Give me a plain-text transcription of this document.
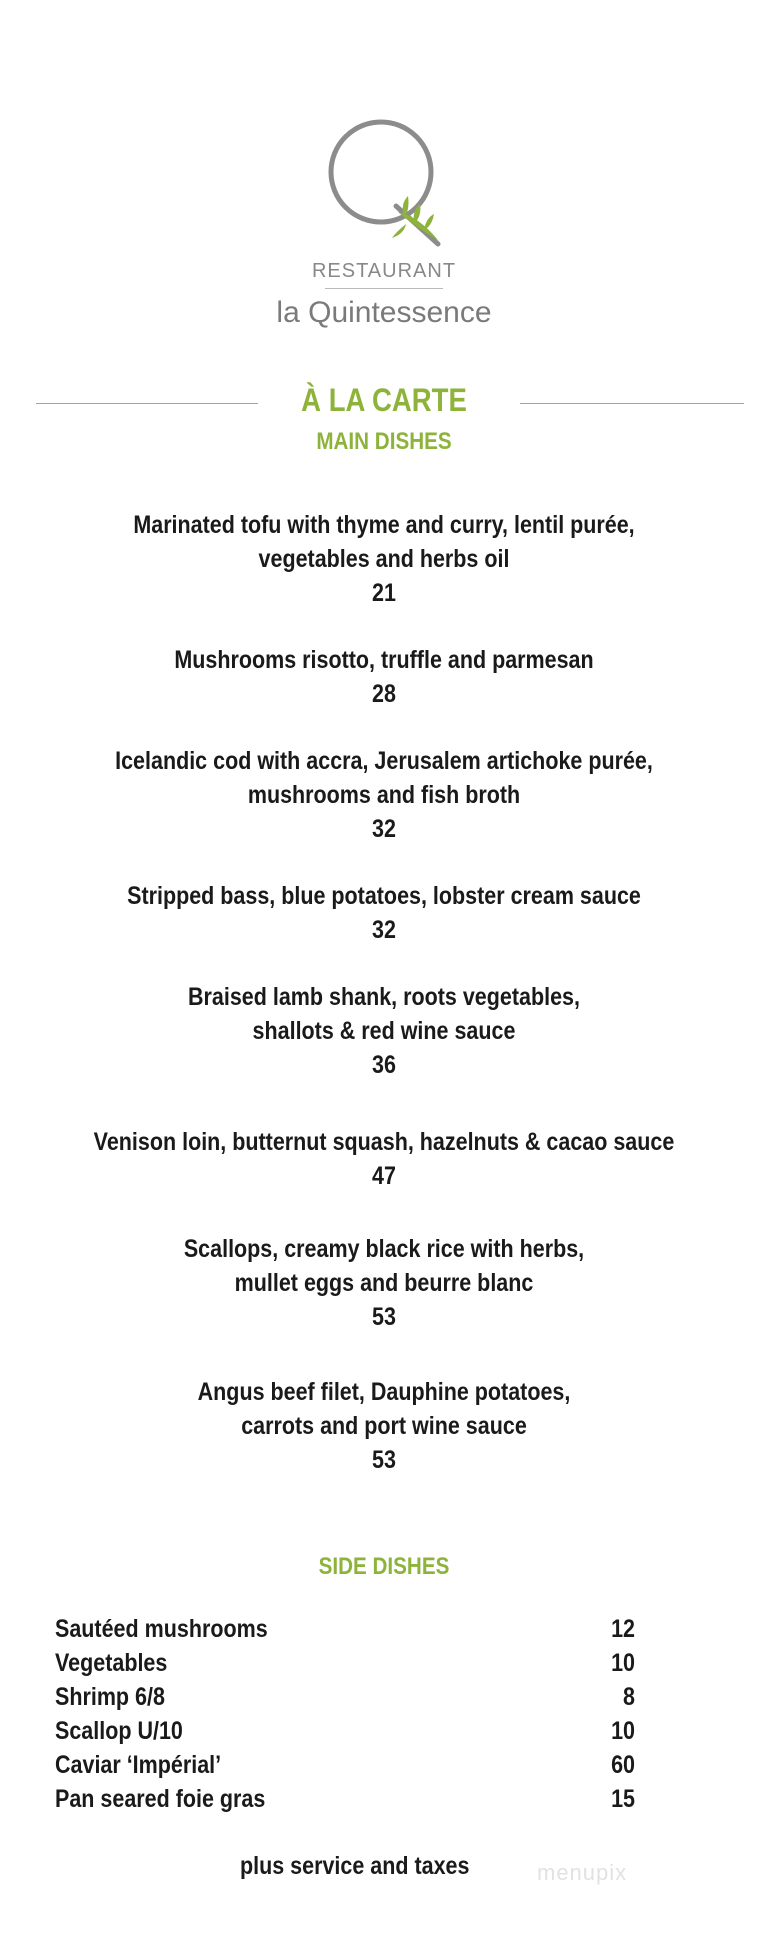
RESTAURANT
la Quintessence
À LA CARTE
MAIN DISHES
Marinated tofu with thyme and curry, lentil purée,
vegetables and herbs oil
21
Mushrooms risotto, truffle and parmesan
28
Icelandic cod with accra, Jerusalem artichoke purée,
mushrooms and fish broth
32
Stripped bass, blue potatoes, lobster cream sauce
32
Braised lamb shank, roots vegetables,
shallots & red wine sauce
36
Venison loin, butternut squash, hazelnuts & cacao sauce
47
Scallops, creamy black rice with herbs,
mullet eggs and beurre blanc
53
Angus beef filet, Dauphine potatoes,
carrots and port wine sauce
53
SIDE DISHES
Sautéed mushrooms	12
Vegetables	10
Shrimp 6/8	8
Scallop U/10	10
Caviar ‘Impérial’	60
Pan seared foie gras	15
plus service and taxes	menupix
